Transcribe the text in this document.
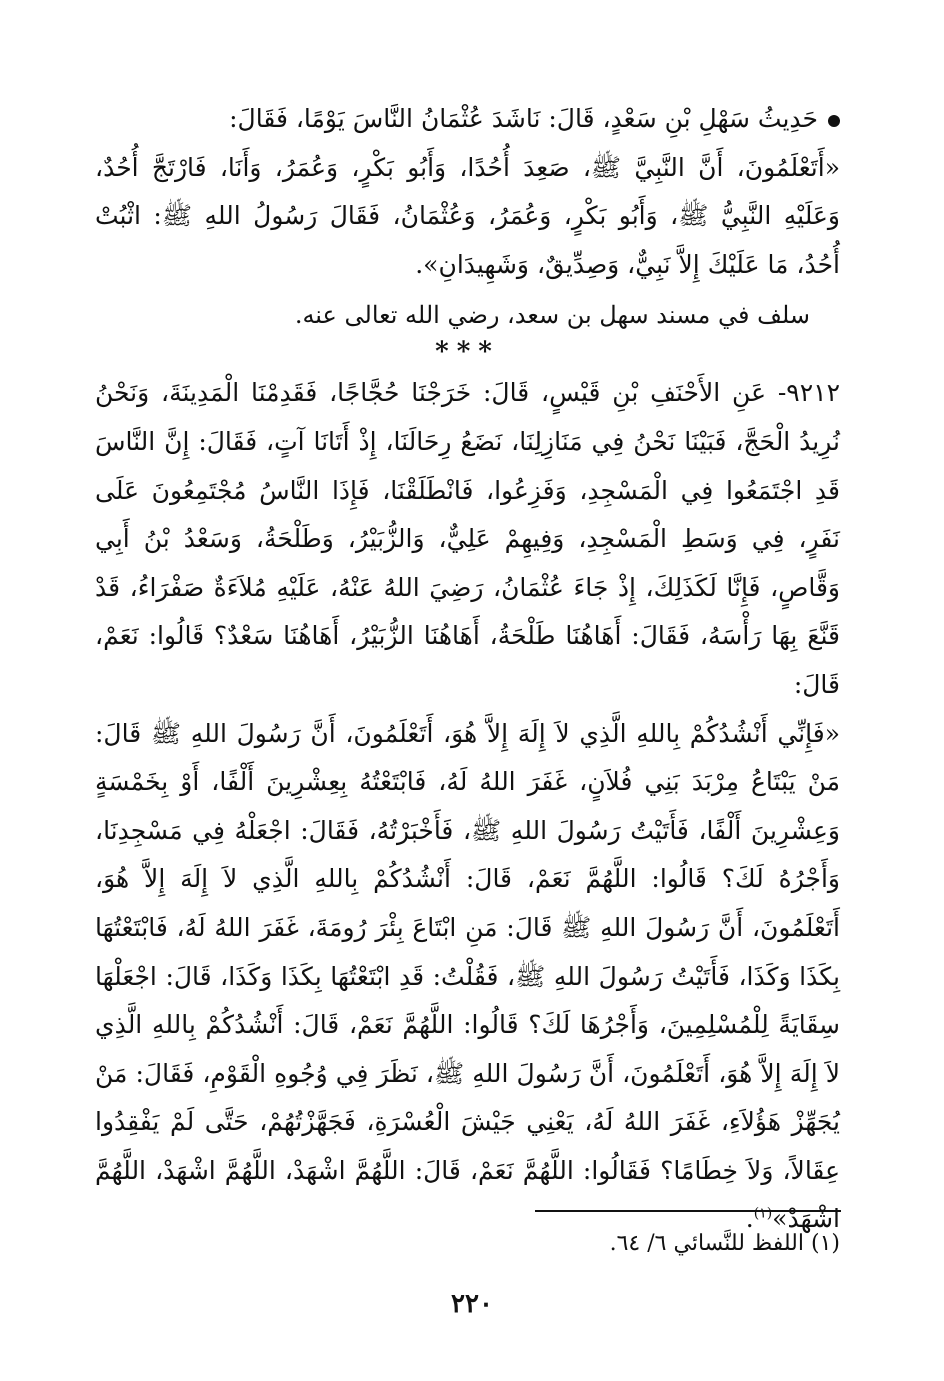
حَدِيثُ سَهْلِ بْنِ سَعْدٍ، قَالَ: نَاشَدَ عُثْمَانُ النَّاسَ يَوْمًا، فَقَالَ:
«أَتَعْلَمُونَ، أَنَّ النَّبِيَّ ﷺ، صَعِدَ أُحُدًا، وَأَبُو بَكْرٍ، وَعُمَرُ، وَأَنَا، فَارْتَجَّ أُحُدٌ، وَعَلَيْهِ النَّبِيُّ ﷺ، وَأَبُو بَكْرٍ، وَعُمَرُ، وَعُثْمَانُ، فَقَالَ رَسُولُ اللهِ ﷺ: اثْبُتْ أُحُدُ، مَا عَلَيْكَ إِلاَّ نَبِيٌّ، وَصِدِّيقٌ، وَشَهِيدَانِ».

سلف في مسند سهل بن سعد، رضي الله تعالى عنه.

***

٩٢١٢- عَنِ الأَحْنَفِ بْنِ قَيْسٍ، قَالَ: خَرَجْنَا حُجَّاجًا، فَقَدِمْنَا الْمَدِينَةَ، وَنَحْنُ نُرِيدُ الْحَجَّ، فَبَيْنَا نَحْنُ فِي مَنَازِلِنَا، نَضَعُ رِحَالَنَا، إِذْ أَتَانَا آتٍ، فَقَالَ: إِنَّ النَّاسَ قَدِ اجْتَمَعُوا فِي الْمَسْجِدِ، وَفَزِعُوا، فَانْطَلَقْنَا، فَإِذَا النَّاسُ مُجْتَمِعُونَ عَلَى نَفَرٍ، فِي وَسَطِ الْمَسْجِدِ، وَفِيهِمْ عَلِيٌّ، وَالزُّبَيْرُ، وَطَلْحَةُ، وَسَعْدُ بْنُ أَبِي وَقَّاصٍ، فَإِنَّا لَكَذَلِكَ، إِذْ جَاءَ عُثْمَانُ، رَضِيَ اللهُ عَنْهُ، عَلَيْهِ مُلاَءَةٌ صَفْرَاءُ، قَدْ قَنَّعَ بِهَا رَأْسَهُ، فَقَالَ: أَهَاهُنَا طَلْحَةُ، أَهَاهُنَا الزُّبَيْرُ، أَهَاهُنَا سَعْدٌ؟ قَالُوا: نَعَمْ، قَالَ:

«فَإِنِّي أَنْشُدُكُمْ بِاللهِ الَّذِي لاَ إِلَهَ إِلاَّ هُوَ، أَتَعْلَمُونَ، أَنَّ رَسُولَ اللهِ ﷺ قَالَ: مَنْ يَبْتَاعُ مِرْبَدَ بَنِي فُلاَنٍ، غَفَرَ اللهُ لَهُ، فَابْتَعْتُهُ بِعِشْرِينَ أَلْفًا، أَوْ بِخَمْسَةٍ وَعِشْرِينَ أَلْفًا، فَأَتَيْتُ رَسُولَ اللهِ ﷺ، فَأَخْبَرْتُهُ، فَقَالَ: اجْعَلْهُ فِي مَسْجِدِنَا، وَأَجْرُهُ لَكَ؟ قَالُوا: اللَّهُمَّ نَعَمْ، قَالَ: أَنْشُدُكُمْ بِاللهِ الَّذِي لاَ إِلَهَ إِلاَّ هُوَ، أَتَعْلَمُونَ، أَنَّ رَسُولَ اللهِ ﷺ قَالَ: مَنِ ابْتَاعَ بِئْرَ رُومَةَ، غَفَرَ اللهُ لَهُ، فَابْتَعْتُهَا بِكَذَا وَكَذَا، فَأَتَيْتُ رَسُولَ اللهِ ﷺ، فَقُلْتُ: قَدِ ابْتَعْتُهَا بِكَذَا وَكَذَا، قَالَ: اجْعَلْهَا سِقَايَةً لِلْمُسْلِمِينَ، وَأَجْرُهَا لَكَ؟ قَالُوا: اللَّهُمَّ نَعَمْ، قَالَ: أَنْشُدُكُمْ بِاللهِ الَّذِي لاَ إِلَهَ إِلاَّ هُوَ، أَتَعْلَمُونَ، أَنَّ رَسُولَ اللهِ ﷺ، نَظَرَ فِي وُجُوهِ الْقَوْمِ، فَقَالَ: مَنْ يُجَهِّزْ هَؤُلاَءِ، غَفَرَ اللهُ لَهُ، يَعْنِي جَيْشَ الْعُسْرَةِ، فَجَهَّزْتُهُمْ، حَتَّى لَمْ يَفْقِدُوا عِقَالاً، وَلاَ خِطَامًا؟ فَقَالُوا: اللَّهُمَّ نَعَمْ، قَالَ: اللَّهُمَّ اشْهَدْ، اللَّهُمَّ اشْهَدْ، اللَّهُمَّ اشْهَدْ»$^{(١)}$.

(١) اللفظ للنَّسائي ٦/ ٦٤.
٢٢٠
